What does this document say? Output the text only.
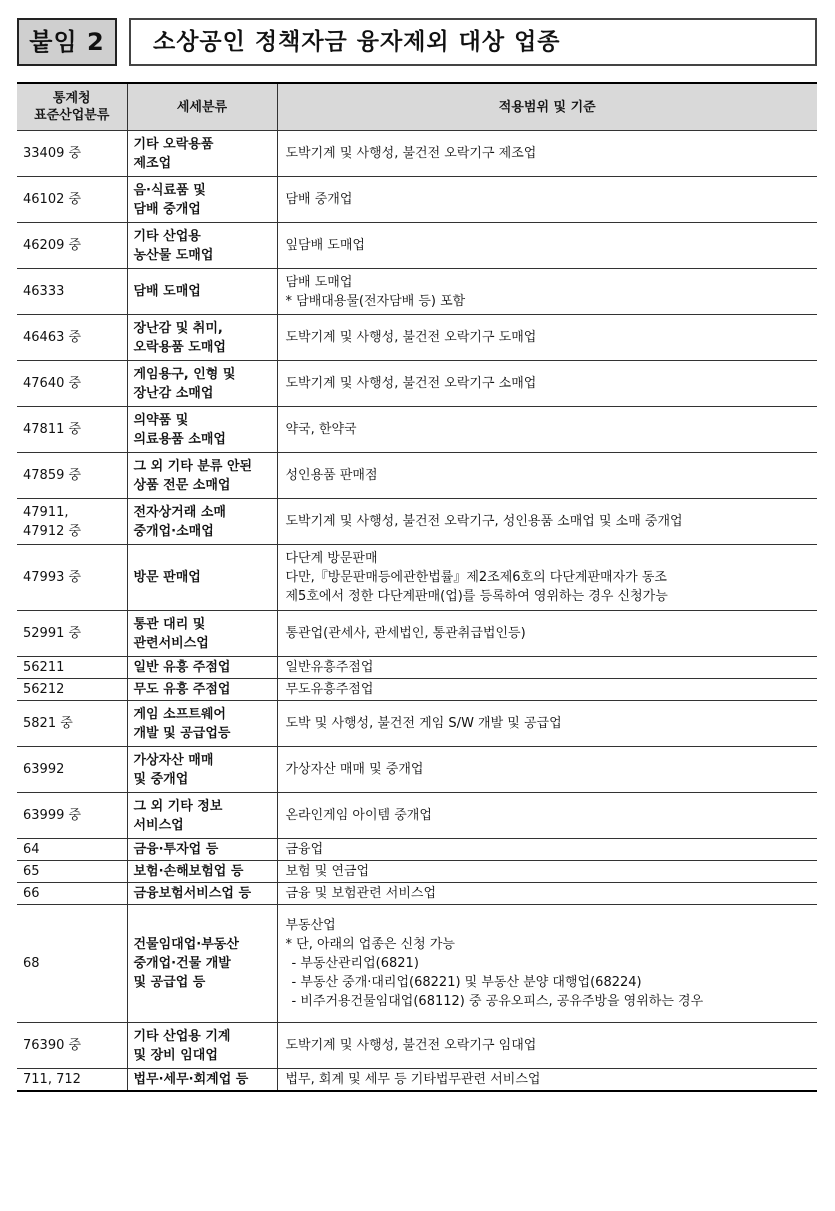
붙임 2	소상공인 정책자금 융자제외 대상 업종
통계청
표준산업분류	세세분류	적용범위 및 기준
33409 중	기타 오락용품
제조업	도박기계 및 사행성, 불건전 오락기구 제조업

46102 중	음·식료품 및
담배 중개업	담배 중개업

46209 중	기타 산업용
농산물 도매업	잎담배 도매업

46333	담배 도매업	담배 도매업
* 담배대용물(전자담배 등) 포함

46463 중	장난감 및 취미,
오락용품 도매업	도박기계 및 사행성, 불건전 오락기구 도매업

47640 중	게임용구, 인형 및
장난감 소매업	도박기계 및 사행성, 불건전 오락기구 소매업

47811 중	의약품 및
의료용품 소매업	약국, 한약국

47859 중	그 외 기타 분류 안된
상품 전문 소매업	성인용품 판매점

47911,
47912 중	전자상거래 소매
중개업·소매업	도박기계 및 사행성, 불건전 오락기구, 성인용품 소매업 및 소매 중개업

47993 중	방문 판매업	다단계 방문판매
다만,『방문판매등에관한법률』제2조제6호의 다단계판매자가 동조
제5호에서 정한 다단계판매(업)를 등록하여 영위하는 경우 신청가능

52991 중	통관 대리 및
관련서비스업	통관업(관세사, 관세법인, 통관취급법인등)

56211	일반 유흥 주점업	일반유흥주점업

56212	무도 유흥 주점업	무도유흥주점업

5821 중	게임 소프트웨어
개발 및 공급업등	도박 및 사행성, 불건전 게임 S/W 개발 및 공급업

63992	가상자산 매매
및 중개업	가상자산 매매 및 중개업

63999 중	그 외 기타 정보
서비스업	온라인게임 아이템 중개업

64	금융·투자업 등	금융업

65	보험·손해보험업 등	보험 및 연금업

66	금융보험서비스업 등	금융 및 보험관련 서비스업

68	건물임대업·부동산
중개업·건물 개발
및 공급업 등	부동산업
* 단, 아래의 업종은 신청 가능
- 부동산관리업(6821)
- 부동산 중개·대리업(68221) 및 부동산 분양 대행업(68224)
- 비주거용건물임대업(68112) 중 공유오피스, 공유주방을 영위하는 경우

76390 중	기타 산업용 기계
및 장비 임대업	도박기계 및 사행성, 불건전 오락기구 임대업

711, 712	법무·세무·회계업 등	법무, 회계 및 세무 등 기타법무관련 서비스업
